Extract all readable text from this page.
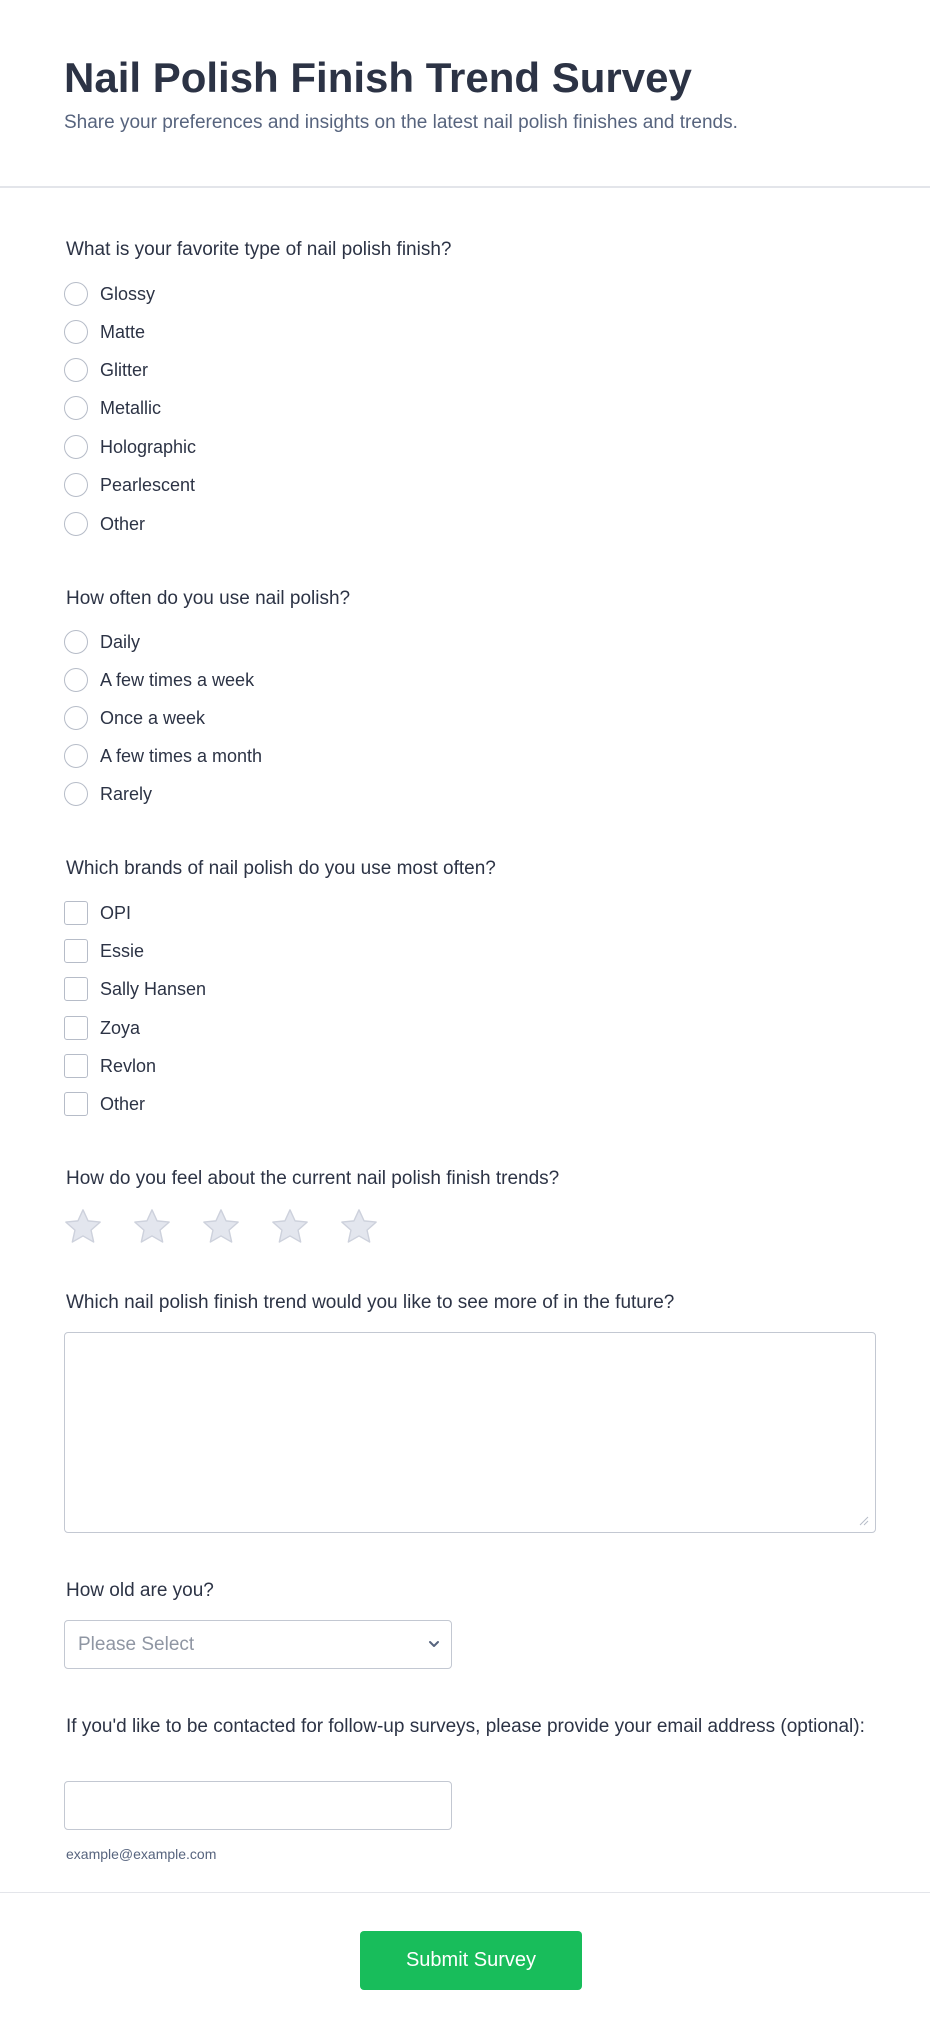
Nail Polish Finish Trend Survey

Share your preferences and insights on the latest nail polish finishes and trends.

What is your favorite type of nail polish finish?

Glossy
Matte
Glitter
Metallic
Holographic
Pearlescent
Other

How often do you use nail polish?

Daily
A few times a week
Once a week
A few times a month
Rarely

Which brands of nail polish do you use most often?

OPI
Essie
Sally Hansen
Zoya
Revlon
Other

How do you feel about the current nail polish finish trends?

Which nail polish finish trend would you like to see more of in the future?

How old are you?

Please Select

If you'd like to be contacted for follow-up surveys, please provide your email address (optional):

example@example.com
Submit Survey
